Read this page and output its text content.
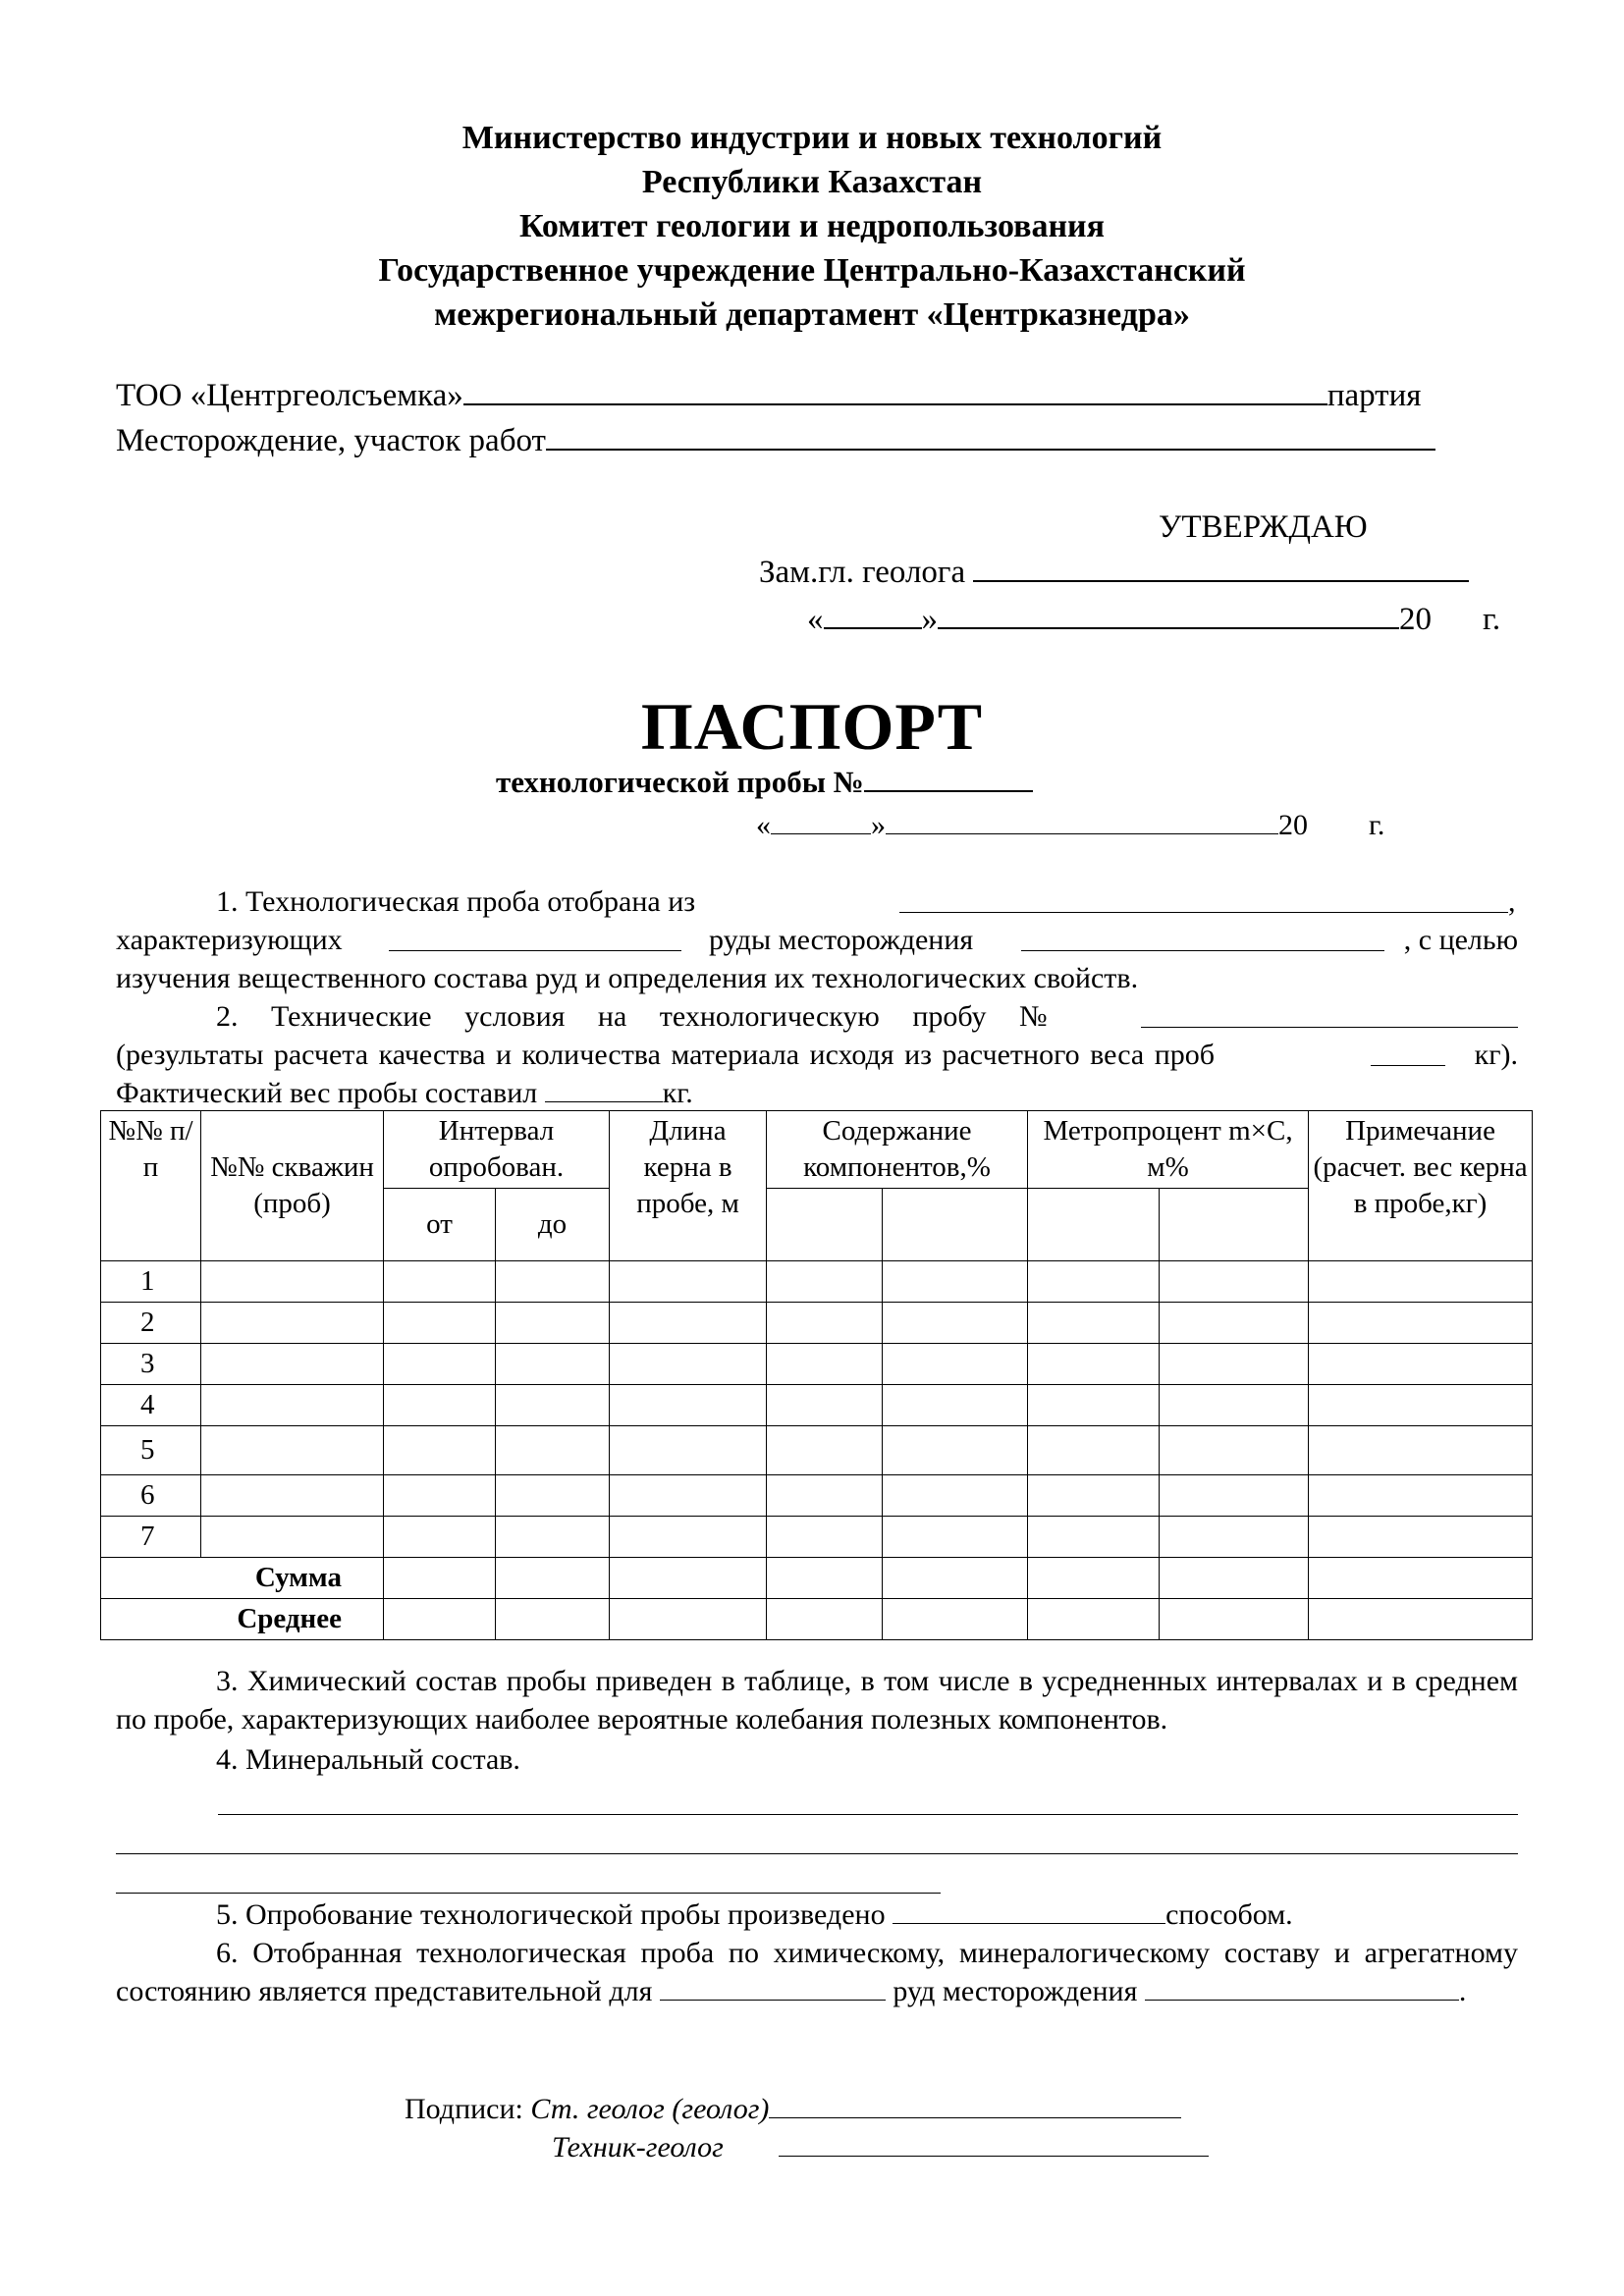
Министерство индустрии и новых технологий
Республики Казахстан
Комитет геологии и недропользования
Государственное учреждение Центрально-Казахстанский
межрегиональный департамент «Центрказнедра»
ТОО «Центргеолсъемка»	партия
Месторождение, участок работ
УТВЕРЖДАЮ
Зам.гл. геолога
«	»	20 г.
ПАСПОРТ
технологической пробы №
«	»	20 г.
1. Технологическая проба отобрана из	,
характеризующих	руды месторождения	, с целью
изучения вещественного состава руд и определения их технологических свойств.
2. Технические условия на технологическую пробу №
(результаты расчета качества и количества материала исходя из расчетного веса проб	кг).
Фактический вес пробы составил	кг.
№№ п/п	№№ скважин (проб)	Интервал опробован.		Длина керна в пробе, м	Содержание компонентов,%		Метропроцент m×C, м%		Примечание (расчет. вес керна в пробе,кг)
		от	до						
1									
2									
3									
4									
5									
6									
7									
Сумма									
Среднее									

3. Химический состав пробы приведен в таблице, в том числе в усредненных интервалах и в среднем по пробе, характеризующих наиболее вероятные колебания полезных компонентов.

4. Минеральный состав.

5. Опробование технологической пробы произведено	способом.

6. Отобранная технологическая проба по химическому, минералогическому составу и агрегатному состоянию является представительной для	руд месторождения	.

Подписи: Ст. геолог (геолог)
Техник-геолог
